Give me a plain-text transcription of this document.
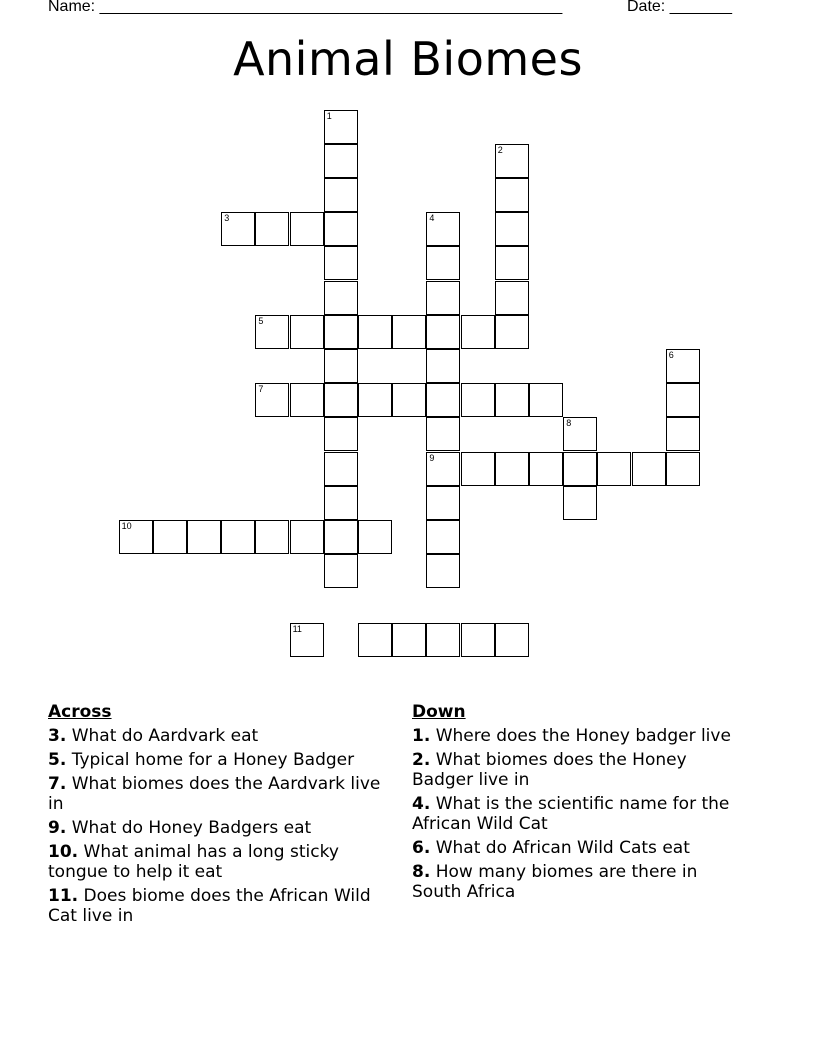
Name: ____________________________________________________	Date: _______
Animal Biomes
1
2
3	4
9
5
6
7
8
10
11
Across
3. What do Aardvark eat
5. Typical home for a Honey Badger
7. What biomes does the Aardvark live in
9. What do Honey Badgers eat
10. What animal has a long sticky tongue to help it eat
11. Does biome does the African Wild Cat live in
Down
1. Where does the Honey badger live
2. What biomes does the Honey Badger live in
4. What is the scientific name for the African Wild Cat
6. What do African Wild Cats eat
8. How many biomes are there in South Africa
